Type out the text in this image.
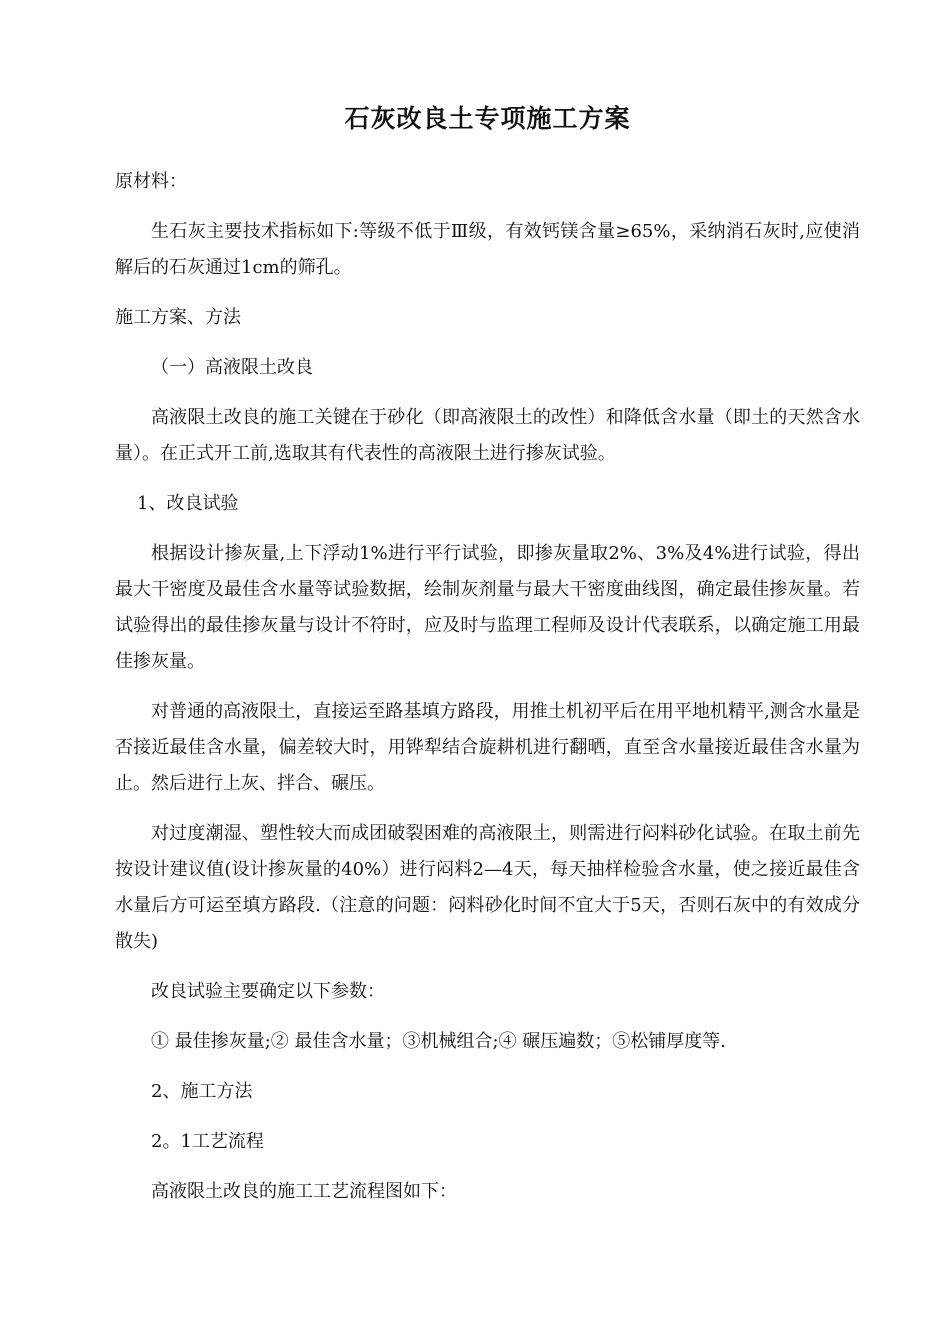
石灰改良土专项施工方案

原材料：

生石灰主要技术指标如下:等级不低于Ⅲ级，有效钙镁含量≥65%，采纳消石灰时,应使消解后的石灰通过1cm的筛孔。

施工方案、方法

（一）高液限土改良

高液限土改良的施工关键在于砂化（即高液限土的改性）和降低含水量（即土的天然含水量）。在正式开工前,选取其有代表性的高液限土进行掺灰试验。

1、改良试验

根据设计掺灰量,上下浮动1%进行平行试验，即掺灰量取2%、3%及4%进行试验，得出最大干密度及最佳含水量等试验数据，绘制灰剂量与最大干密度曲线图，确定最佳掺灰量。若试验得出的最佳掺灰量与设计不符时，应及时与监理工程师及设计代表联系，以确定施工用最佳掺灰量。

对普通的高液限土，直接运至路基填方路段，用推土机初平后在用平地机精平,测含水量是否接近最佳含水量，偏差较大时，用铧犁结合旋耕机进行翻晒，直至含水量接近最佳含水量为止。然后进行上灰、拌合、碾压。

对过度潮湿、塑性较大而成团破裂困难的高液限土，则需进行闷料砂化试验。在取土前先按设计建议值(设计掺灰量的40%）进行闷料2—4天，每天抽样检验含水量，使之接近最佳含水量后方可运至填方路段.（注意的问题：闷料砂化时间不宜大于5天，否则石灰中的有效成分散失)

改良试验主要确定以下参数：

① 最佳掺灰量;② 最佳含水量；③机械组合;④ 碾压遍数；⑤松铺厚度等.

2、施工方法

2。1工艺流程

高液限土改良的施工工艺流程图如下：
